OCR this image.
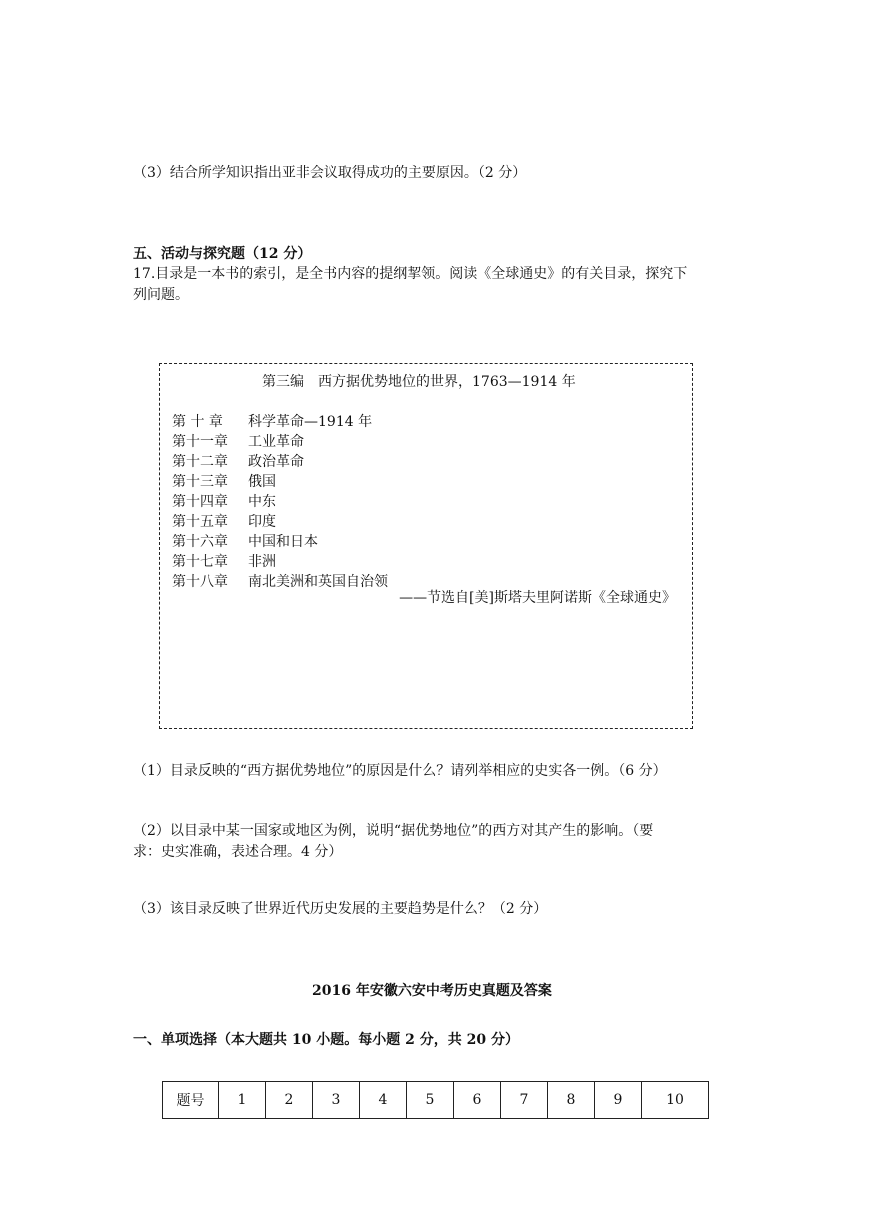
（3）结合所学知识指出亚非会议取得成功的主要原因。（2 分）
五、活动与探究题（12 分）
17.目录是一本书的索引，是全书内容的提纲挈领。阅读《全球通史》的有关目录，探究下
列问题。
第三编　西方据优势地位的世界，1763—1914 年
第 十 章 科学革命—1914 年
第十一章 工业革命
第十二章 政治革命
第十三章 俄国
第十四章 中东
第十五章 印度
第十六章 中国和日本
第十七章 非洲
第十八章 南北美洲和英国自治领
——节选自[美]斯塔夫里阿诺斯《全球通史》
（1）目录反映的“西方据优势地位”的原因是什么？请列举相应的史实各一例。（6 分）
（2）以目录中某一国家或地区为例，说明“据优势地位”的西方对其产生的影响。（要
求：史实准确，表述合理。4 分）
（3）该目录反映了世界近代历史发展的主要趋势是什么？（2 分）
2016 年安徽六安中考历史真题及答案
一、单项选择（本大题共 10 小题。每小题 2 分，共 20 分）
题号	1	2	3	4	5	6	7	8	9	10
